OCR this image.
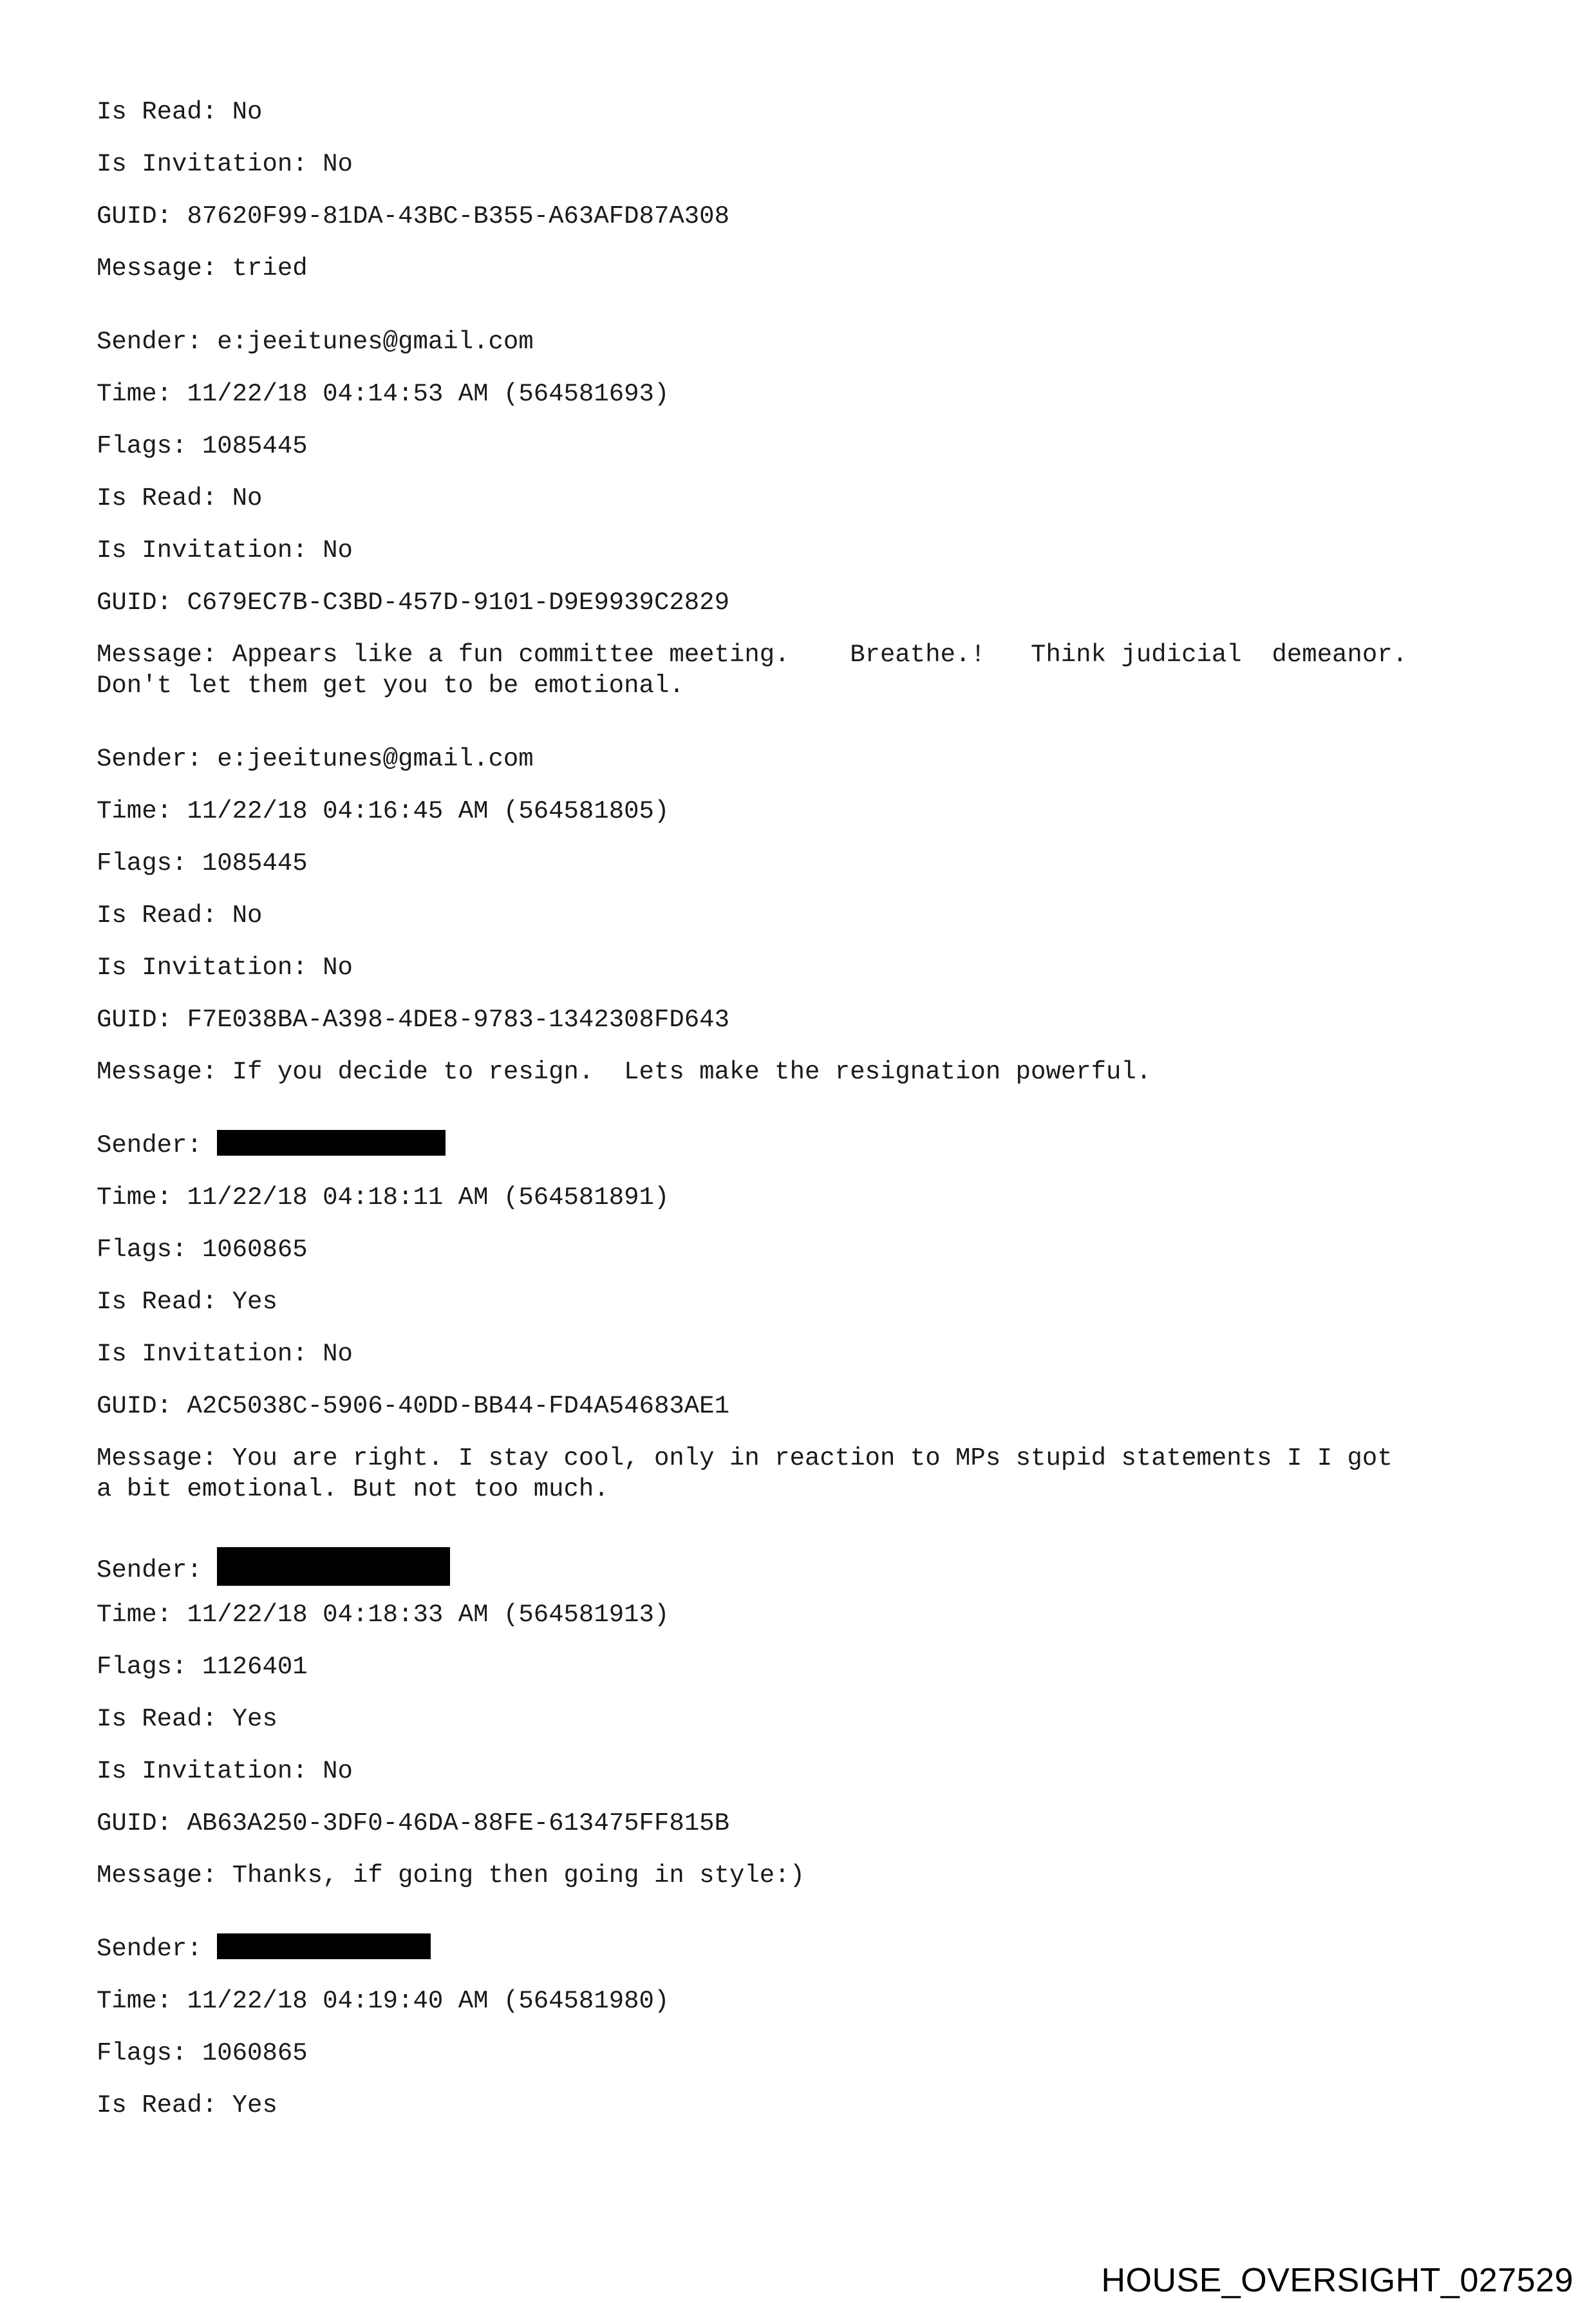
Is Read: No
Is Invitation: No
GUID: 87620F99-81DA-43BC-B355-A63AFD87A308
Message: tried
Sender: e:jeeitunes@gmail.com
Time: 11/22/18 04:14:53 AM (564581693)
Flags: 1085445
Is Read: No
Is Invitation: No
GUID: C679EC7B-C3BD-457D-9101-D9E9939C2829
Message: Appears like a fun committee meeting.    Breathe.!   Think judicial  demeanor.
Don't let them get you to be emotional.
Sender: e:jeeitunes@gmail.com
Time: 11/22/18 04:16:45 AM (564581805)
Flags: 1085445
Is Read: No
Is Invitation: No
GUID: F7E038BA-A398-4DE8-9783-1342308FD643
Message: If you decide to resign.  Lets make the resignation powerful.
Sender:
Time: 11/22/18 04:18:11 AM (564581891)
Flags: 1060865
Is Read: Yes
Is Invitation: No
GUID: A2C5038C-5906-40DD-BB44-FD4A54683AE1
Message: You are right. I stay cool, only in reaction to MPs stupid statements I I got
a bit emotional. But not too much.
Sender:
Time: 11/22/18 04:18:33 AM (564581913)
Flags: 1126401
Is Read: Yes
Is Invitation: No
GUID: AB63A250-3DF0-46DA-88FE-613475FF815B
Message: Thanks, if going then going in style:)
Sender:
Time: 11/22/18 04:19:40 AM (564581980)
Flags: 1060865
Is Read: Yes
HOUSE_OVERSIGHT_027529
